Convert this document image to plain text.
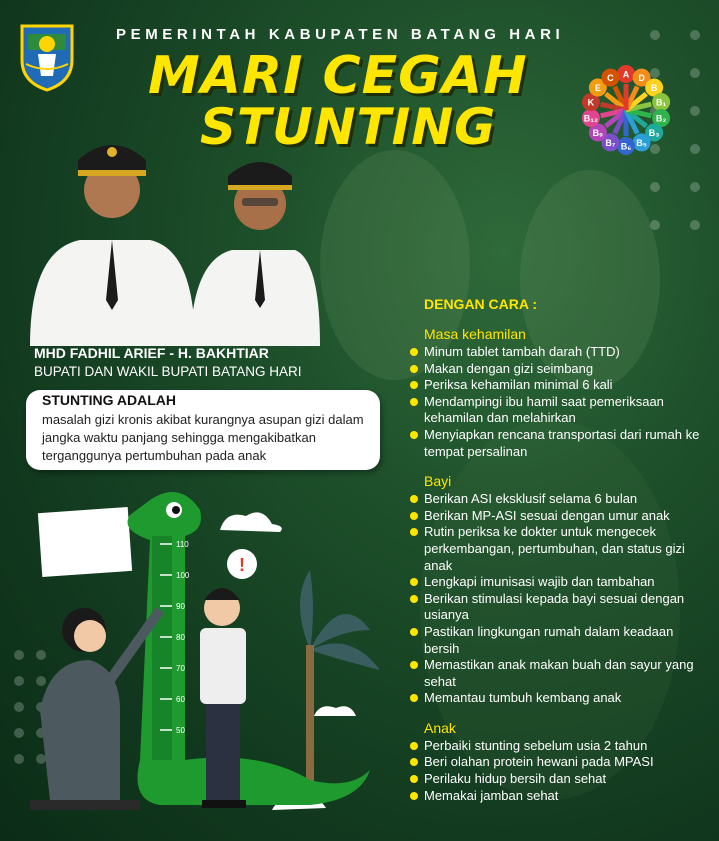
PEMERINTAH KABUPATEN BATANG HARI
MARI CEGAH
STUNTING
A D
B
B₁
B₂
B₃
B₅
B₆
B₇
B₉
B₁₂
K
E
C
MHD FADHIL ARIEF - H. BAKHTIAR
BUPATI DAN WAKIL BUPATI BATANG HARI
STUNTING ADALAH
masalah gizi kronis akibat kurangnya asupan gizi dalam jangka waktu panjang sehingga mengakibatkan terganggunya pertumbuhan pada anak
!
110
100
90
80
70
60
50
DENGAN CARA :
Masa kehamilan
Minum tablet tambah darah (TTD)
Makan dengan gizi seimbang
Periksa kehamilan minimal 6 kali
Mendampingi ibu hamil saat pemeriksaan kehamilan dan melahirkan
Menyiapkan rencana transportasi dari rumah ke tempat persalinan
Bayi
Berikan ASI eksklusif selama 6 bulan
Berikan MP-ASI sesuai dengan umur anak
Rutin periksa ke dokter untuk mengecek perkembangan, pertumbuhan, dan status gizi anak
Lengkapi imunisasi wajib dan tambahan
Berikan stimulasi kepada bayi sesuai dengan usianya
Pastikan lingkungan rumah dalam keadaan bersih
Memastikan anak makan buah dan sayur yang sehat
Memantau tumbuh kembang anak
Anak
Perbaiki stunting sebelum usia 2 tahun
Beri olahan protein hewani pada MPASI
Perilaku hidup bersih dan sehat
Memakai jamban sehat
